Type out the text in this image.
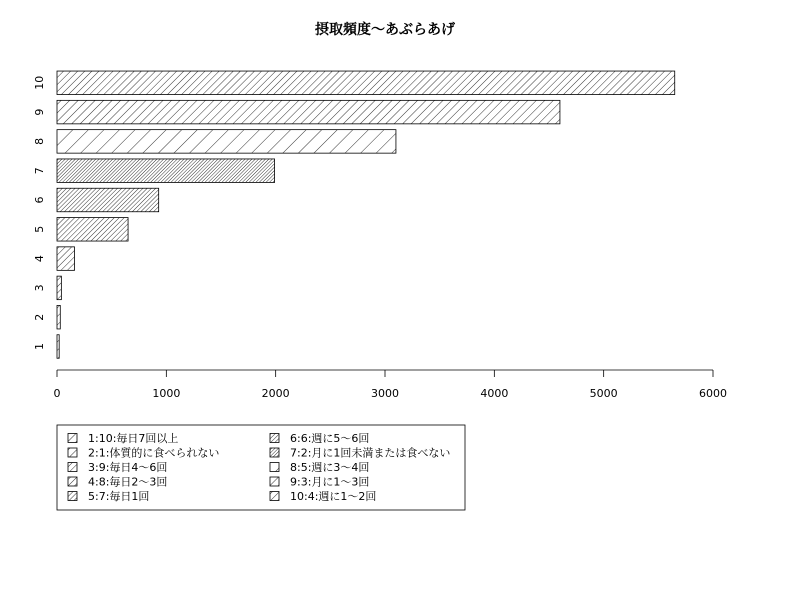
摂取頻度〜あぶらあげ
1
2
3
4
5
6
7
8
9
10
0	1000	2000	3000	4000	5000	6000
1:10:毎日7回以上
2:1:体質的に食べられない
3:9:毎日4〜6回
4:8:毎日2〜3回
5:7:毎日1回
6:6:週に5〜6回
7:2:月に1回未満または食べない
8:5:週に3〜4回
9:3:月に1〜3回
10:4:週に1〜2回
